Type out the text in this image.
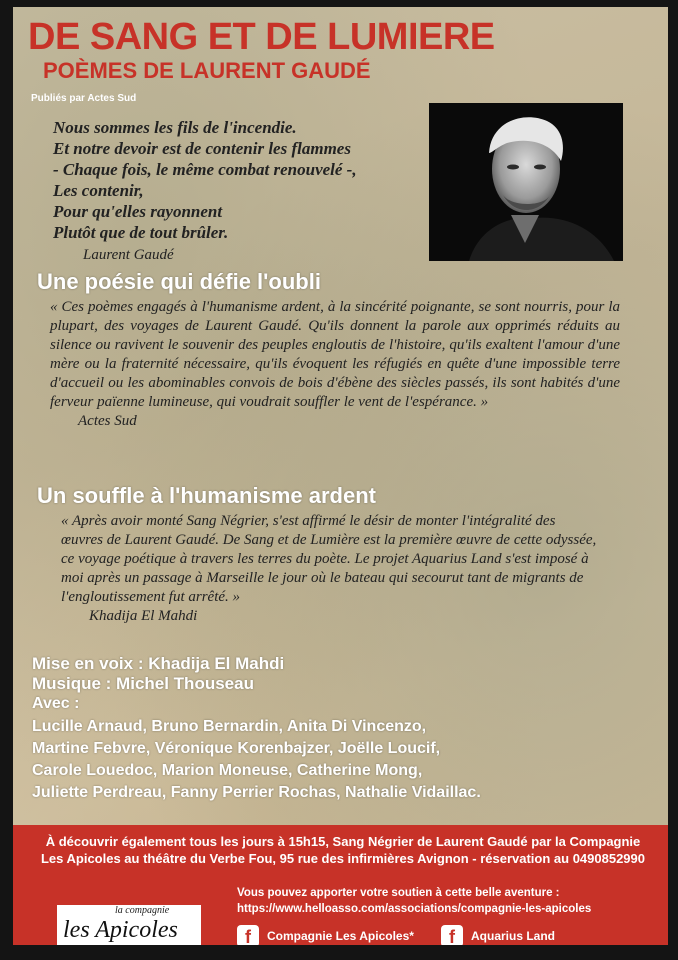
DE SANG ET DE LUMIERE
POÈMES DE LAURENT GAUDÉ
Publiés par Actes Sud
Nous sommes les fils de l'incendie.
Et notre devoir est de contenir les flammes
- Chaque fois, le même combat renouvelé -,
Les contenir,
Pour qu'elles rayonnent
Plutôt que de tout brûler.
Laurent Gaudé
Une poésie qui défie l'oubli
« Ces poèmes engagés à l'humanisme ardent, à la sincérité poignante, se sont nourris, pour la plupart, des voyages de Laurent Gaudé. Qu'ils donnent la parole aux opprimés réduits au silence ou ravivent le souvenir des peuples engloutis de l'histoire, qu'ils exaltent l'amour d'une mère ou la fraternité nécessaire, qu'ils évoquent les réfugiés en quête d'une impossible terre d'accueil ou les abominables convois de bois d'ébène des siècles passés, ils sont habités d'une ferveur païenne lumineuse, qui voudrait souffler le vent de l'espérance. »
Actes Sud
Un souffle à l'humanisme ardent
« Après avoir monté Sang Négrier, s'est affirmé le désir de monter l'intégralité des œuvres de Laurent Gaudé. De Sang et de Lumière est la première œuvre de cette odyssée, ce voyage poétique à travers les terres du poète. Le projet Aquarius Land s'est imposé à moi après un passage à Marseille le jour où le bateau qui secourut tant de migrants de l'engloutissement fut arrêté. »
Khadija El Mahdi
Mise en voix : Khadija El Mahdi
Musique : Michel Thouseau
Avec :
Lucille Arnaud, Bruno Bernardin, Anita Di Vincenzo,
Martine Febvre, Véronique Korenbajzer, Joëlle Loucif,
Carole Louedoc, Marion Moneuse, Catherine Mong,
Juliette Perdreau, Fanny Perrier Rochas, Nathalie Vidaillac.
À découvrir également tous les jours à 15h15, Sang Négrier de Laurent Gaudé par la Compagnie
Les Apicoles au théâtre du Verbe Fou, 95 rue des infirmières Avignon - réservation au 0490852990
Vous pouvez apporter votre soutien à cette belle aventure :
https://www.helloasso.com/associations/compagnie-les-apicoles
la compagnie
les Apicoles	f	Compagnie Les Apicoles*	f	Aquarius Land
